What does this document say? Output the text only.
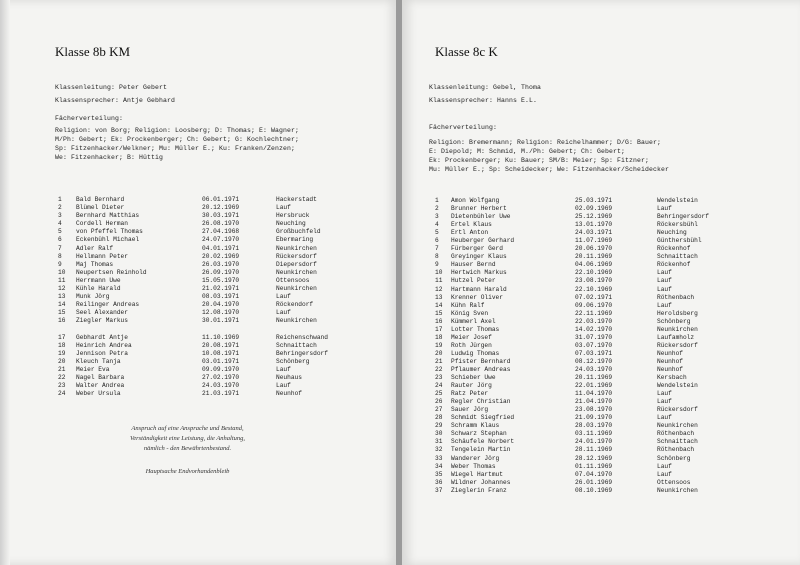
Klasse 8b KM
Klassenleitung: Peter Gebert
Klassensprecher: Antje Gebhard
Fächerverteilung:
Religion: von Borg; Religion: Loosberg; D: Thomas; E: Wagner;
M/Ph: Gebert; Ek: Prockenberger; Ch: Gebert; G: Kochlechtner;
Sp: Fitzenhacker/Welkner; Mu: Müller E.; Ku: Franken/Zenzen;
We: Fitzenhacker; B: Hüttig
1 Bald Bernhard	06.01.1971	Hackerstadt
2 Blümel Dieter	20.12.1969	Lauf
3 Bernhard Matthias	30.03.1971	Hersbruck
4 Cordell Herman	26.08.1970	Neuching
5 von Pfeffel Thomas	27.04.1968	Großbuchfeld
6 Eckenbühl Michael	24.07.1970	Ebermaring
7 Adler Ralf	04.01.1971	Neunkirchen
8 Hellmann Peter	20.02.1969	Rückersdorf
9 Maj Thomas	26.03.1970	Diepersdorf
10 Neupertsen Reinhold	26.09.1970	Neunkirchen
11 Herrmann Uwe	15.05.1970	Ottensoos
12 Kühle Harald	21.02.1971	Neunkirchen
13 Munk Jörg	08.03.1971	Lauf
14 Reilinger Andreas	20.04.1970	Röckendorf
15 Seel Alexander	12.08.1970	Lauf
16 Ziegler Markus	30.01.1971	Neunkirchen
17 Gebhardt Antje	11.10.1969	Reichenschwand
18 Heinrich Andrea	20.08.1971	Schnaittach
19 Jennison Petra	10.08.1971	Behringersdorf
20 Kleuch Tanja	03.01.1971	Schönberg
21 Meier Eva	09.09.1970	Lauf
22 Nagel Barbara	27.02.1970	Neuhaus
23 Walter Andrea	24.03.1970	Lauf
24 Weber Ursula	21.03.1971	Neunhof
Anspruch auf eine Ansprache und Bestand,
Verständigkeit eine Leistung, die Anhaltung,
nämlich - den Bewährtenbestand.
Hauptsache Endvorhandenbleib
Klasse 8c K
Klassenleitung: Gebel, Thoma
Klassensprecher: Hanns E.L.
Fächerverteilung:
Religion: Bremermann; Religion: Reichelhammer; D/G: Bauer;
E: Diepold; M: Schmid, M./Ph: Gebert; Ch: Gebert;
Ek: Prockenberger; Ku: Bauer; SM/B: Meier; Sp: Fitzner;
Mu: Müller E.; Sp: Scheidecker; We: Fitzenhacker/Scheidecker
1 Amon Wolfgang	25.03.1971	Wendelstein
2 Brunner Herbert	02.09.1969	Lauf
3 Dietenbühler Uwe	25.12.1969	Behringersdorf
4 Ertel Klaus	13.01.1970	Röckersbühl
5 Ertl Anton	24.03.1971	Neuching
6 Heuberger Gerhard	11.07.1969	Günthersbühl
7 Fürberger Gerd	20.06.1970	Röckenhof
8 Greyinger Klaus	20.11.1969	Schnaittach
9 Hauser Bernd	04.06.1969	Röckenhof
10 Hertwich Markus	22.10.1969	Lauf
11 Hutzel Peter	23.08.1970	Lauf
12 Hartmann Harald	22.10.1969	Lauf
13 Krenner Oliver	07.02.1971	Röthenbach
14 Kühn Ralf	09.06.1970	Lauf
15 König Sven	22.11.1969	Heroldsberg
16 Kümmerl Axel	22.03.1970	Schönberg
17 Lotter Thomas	14.02.1970	Neunkirchen
18 Meier Josef	31.07.1970	Laufamholz
19 Roth Jürgen	03.07.1970	Rückersdorf
20 Ludwig Thomas	07.03.1971	Neunhof
21 Pfister Bernhard	08.12.1970	Neunhof
22 Pflaumer Andreas	24.03.1970	Neunhof
23 Schieber Uwe	20.11.1969	Kersbach
24 Rauter Jörg	22.01.1969	Wendelstein
25 Ratz Peter	11.04.1970	Lauf
26 Regler Christian	21.04.1970	Lauf
27 Sauer Jörg	23.08.1970	Rückersdorf
28 Schmidt Siegfried	21.09.1970	Lauf
29 Schramm Klaus	28.03.1970	Neunkirchen
30 Schwarz Stephan	03.11.1969	Röthenbach
31 Schäufele Norbert	24.01.1970	Schnaittach
32 Tengelein Martin	28.11.1969	Röthenbach
33 Wanderer Jörg	28.12.1969	Schönberg
34 Weber Thomas	01.11.1969	Lauf
35 Wiegel Hartmut	07.04.1970	Lauf
36 Wildner Johannes	26.01.1969	Ottensoos
37 Zieglerin Franz	08.10.1969	Neunkirchen
